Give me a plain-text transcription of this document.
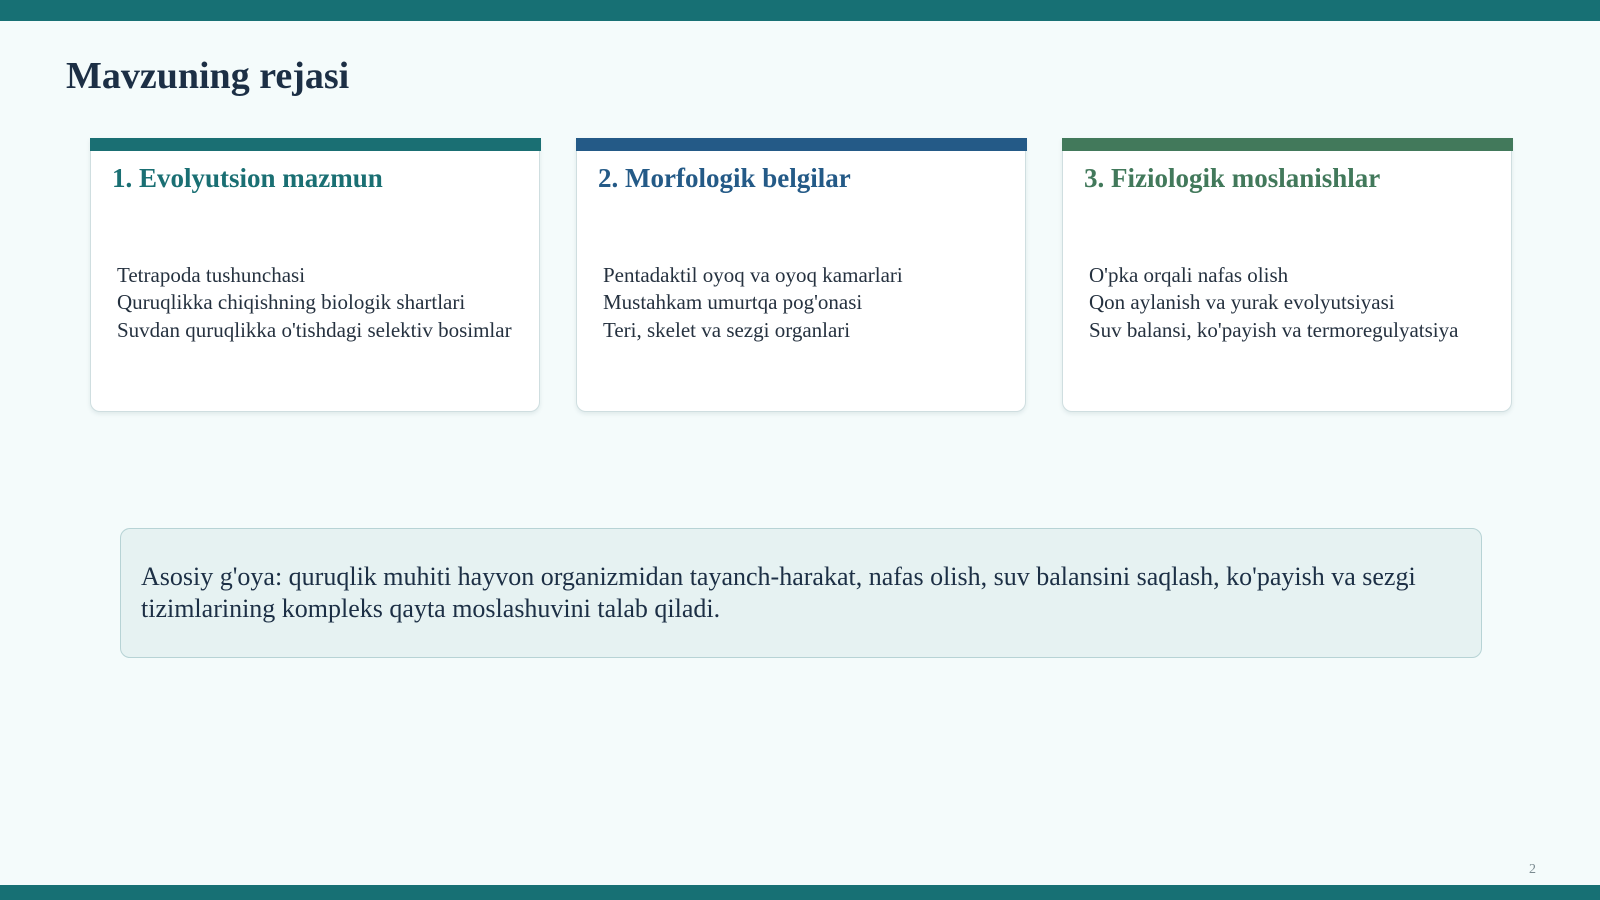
Mavzuning rejasi
1. Evolyutsion mazmun
Tetrapoda tushunchasi
Quruqlikka chiqishning biologik shartlari
Suvdan quruqlikka o'tishdagi selektiv bosimlar
2. Morfologik belgilar
Pentadaktil oyoq va oyoq kamarlari
Mustahkam umurtqa pog'onasi
Teri, skelet va sezgi organlari
3. Fiziologik moslanishlar
O'pka orqali nafas olish
Qon aylanish va yurak evolyutsiyasi
Suv balansi, ko'payish va termoregulyatsiya
Asosiy g'oya: quruqlik muhiti hayvon organizmidan tayanch-harakat, nafas olish, suv balansini saqlash, ko'payish va sezgi tizimlarining kompleks qayta moslashuvini talab qiladi.
2
